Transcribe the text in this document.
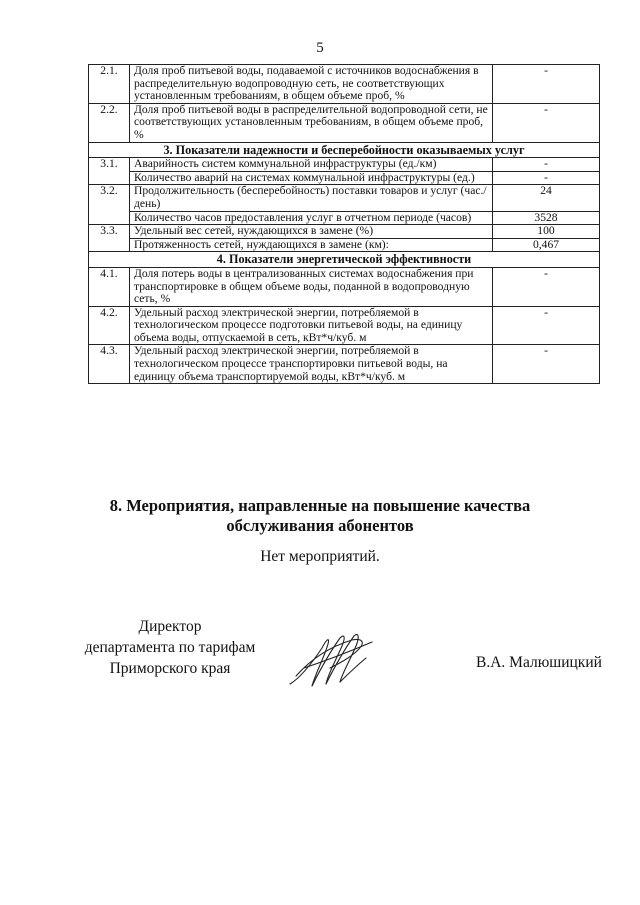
5
2.1.	Доля проб питьевой воды, подаваемой с источников водоснабжения в распределительную водопроводную сеть, не соответствующих установленным требованиям, в общем объеме проб, %	-
2.2.	Доля проб питьевой воды в распределительной водопроводной сети, не соответствующих установленным требованиям, в общем объеме проб, %	-
3. Показатели надежности и бесперебойности оказываемых услуг		
3.1.	Аварийность систем коммунальной инфраструктуры (ед./км)	-
	Количество аварий на системах коммунальной инфраструктуры (ед.)	-
3.2.	Продолжительность (бесперебойность) поставки товаров и услуг (час./день)	24
	Количество часов предоставления услуг в отчетном периоде (часов)	3528
3.3.	Удельный вес сетей, нуждающихся в замене (%)	100
	Протяженность сетей, нуждающихся в замене (км):	0,467
4. Показатели энергетической эффективности		
4.1.	Доля потерь воды в централизованных системах водоснабжения при транспортировке в общем объеме воды, поданной в водопроводную сеть, %	-
4.2.	Удельный расход электрической энергии, потребляемой в технологическом процессе подготовки питьевой воды, на единицу объема воды, отпускаемой в сеть, кВт*ч/куб. м	-
4.3.	Удельный расход электрической энергии, потребляемой в технологическом процессе транспортировки питьевой воды, на единицу объема транспортируемой воды, кВт*ч/куб. м	-
8. Мероприятия, направленные на повышение качества
обслуживания абонентов
Нет мероприятий.
Директор
департамента по тарифам
Приморского края	В.А. Малюшицкий
